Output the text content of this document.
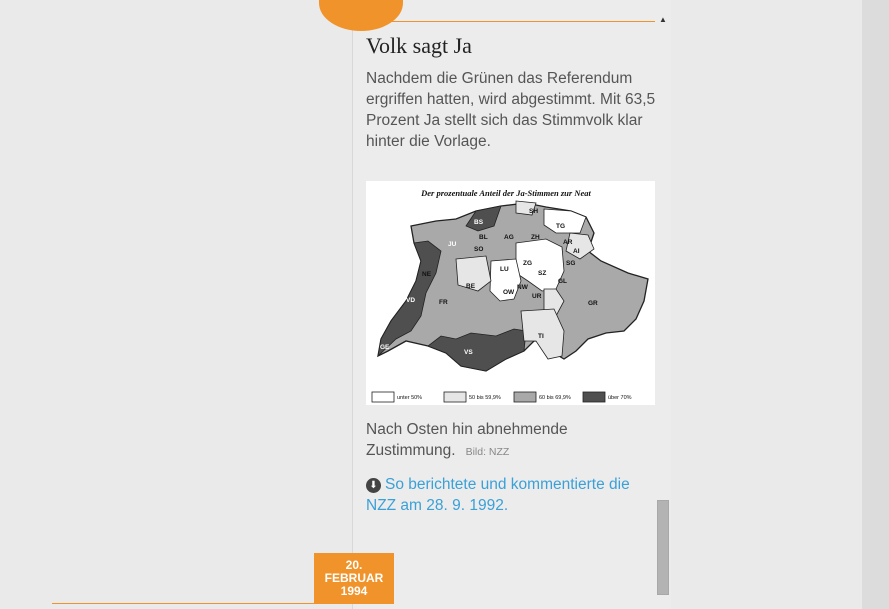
▲
Volk sagt Ja

Nachdem die Grünen das Referendum ergriffen hatten, wird abgestimmt. Mit 63,5 Prozent Ja stellt sich das Stimmvolk klar hinter die Vorlage.

Der prozentuale Anteil der Ja-Stimmen zur Neat
SH
BS
TG
ZH
AG
JU
BL
SO
AR
AI
LU
ZG
SZ
SG
NE
BE
OW
NW
GL
UR
FR	GR
VD
GE
TI
VS
unter 50%	50 bis 59,9%	60 bis 69,9%	über 70%

Nach Osten hin abnehmende Zustimmung. Bild: NZZ

⬇ So berichtete und kommentierte die NZZ am 28. 9. 1992.

20.
FEBRUAR
1994
